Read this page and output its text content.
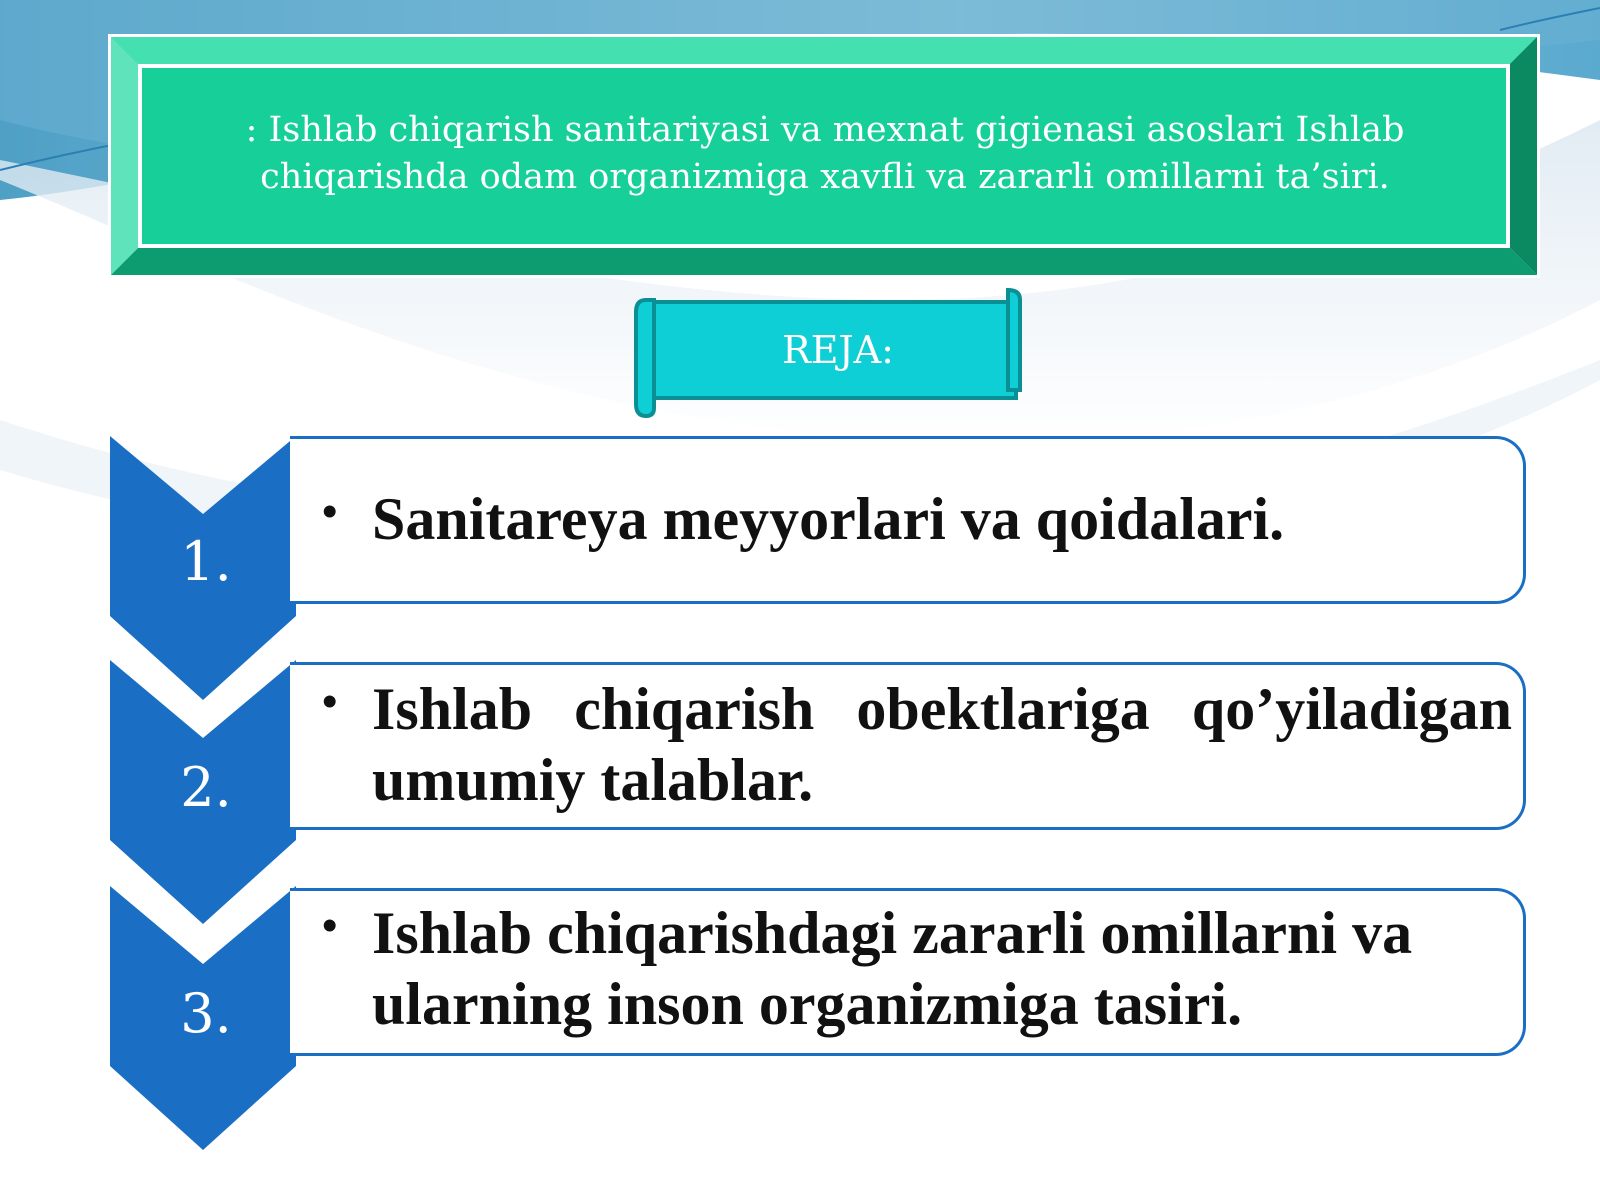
: Ishlab chiqarish sanitariyasi va mexnat gigienasi asoslari Ishlab chiqarishda odam organizmiga xavfli va zararli omillarni ta’siri.
REJA:
1.
• Sanitareya meyyorlari va qoidalari.
2.
• Ishlab chiqarish obektlariga qo’yiladigan umumiy talablar.
3.
• Ishlab chiqarishdagi zararli omillarni va ularning inson organizmiga tasiri.
